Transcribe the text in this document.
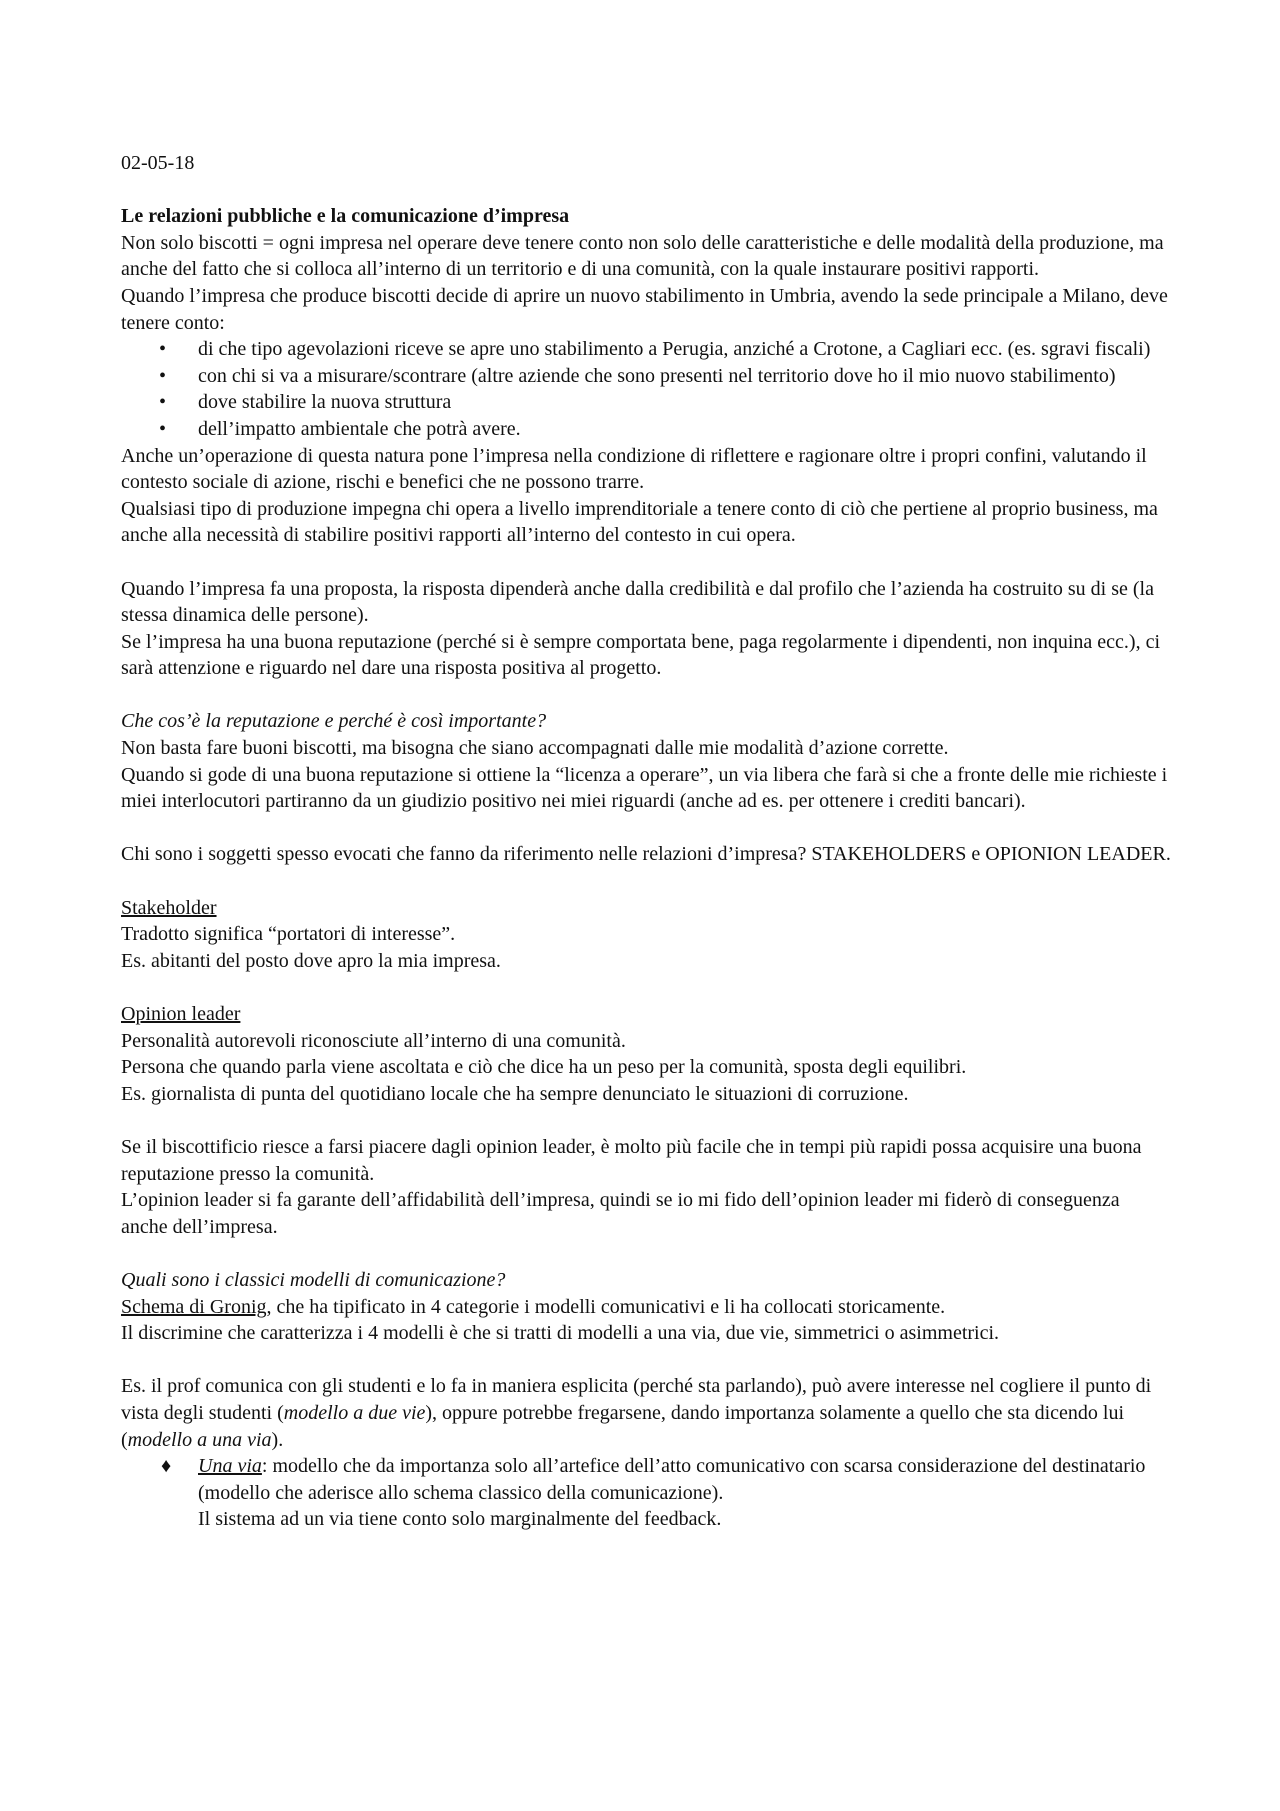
02-05-18

Le relazioni pubbliche e la comunicazione d’impresa

Non solo biscotti = ogni impresa nel operare deve tenere conto non solo delle caratteristiche e delle modalità della produzione, ma anche del fatto che si colloca all’interno di un territorio e di una comunità, con la quale instaurare positivi rapporti.

Quando l’impresa che produce biscotti decide di aprire un nuovo stabilimento in Umbria, avendo la sede principale a Milano, deve tenere conto:

• di che tipo agevolazioni riceve se apre uno stabilimento a Perugia, anziché a Crotone, a Cagliari ecc. (es. sgravi fiscali)
• con chi si va a misurare/scontrare (altre aziende che sono presenti nel territorio dove ho il mio nuovo stabilimento)
• dove stabilire la nuova struttura
• dell’impatto ambientale che potrà avere.

Anche un’operazione di questa natura pone l’impresa nella condizione di riflettere e ragionare oltre i propri confini, valutando il contesto sociale di azione, rischi e benefici che ne possono trarre.

Qualsiasi tipo di produzione impegna chi opera a livello imprenditoriale a tenere conto di ciò che pertiene al proprio business, ma anche alla necessità di stabilire positivi rapporti all’interno del contesto in cui opera.

Quando l’impresa fa una proposta, la risposta dipenderà anche dalla credibilità e dal profilo che l’azienda ha costruito su di se (la stessa dinamica delle persone).

Se l’impresa ha una buona reputazione (perché si è sempre comportata bene, paga regolarmente i dipendenti, non inquina ecc.), ci sarà attenzione e riguardo nel dare una risposta positiva al progetto.

Che cos’è la reputazione e perché è così importante?

Non basta fare buoni biscotti, ma bisogna che siano accompagnati dalle mie modalità d’azione corrette.

Quando si gode di una buona reputazione si ottiene la “licenza a operare”, un via libera che farà si che a fronte delle mie richieste i miei interlocutori partiranno da un giudizio positivo nei miei riguardi (anche ad es. per ottenere i crediti bancari).

Chi sono i soggetti spesso evocati che fanno da riferimento nelle relazioni d’impresa? STAKEHOLDERS e OPIONION LEADER.

Stakeholder

Tradotto significa “portatori di interesse”.

Es. abitanti del posto dove apro la mia impresa.

Opinion leader

Personalità autorevoli riconosciute all’interno di una comunità.

Persona che quando parla viene ascoltata e ciò che dice ha un peso per la comunità, sposta degli equilibri.

Es. giornalista di punta del quotidiano locale che ha sempre denunciato le situazioni di corruzione.

Se il biscottificio riesce a farsi piacere dagli opinion leader, è molto più facile che in tempi più rapidi possa acquisire una buona reputazione presso la comunità.

L’opinion leader si fa garante dell’affidabilità dell’impresa, quindi se io mi fido dell’opinion leader mi fiderò di conseguenza anche dell’impresa.

Quali sono i classici modelli di comunicazione?

Schema di Gronig, che ha tipificato in 4 categorie i modelli comunicativi e li ha collocati storicamente.

Il discrimine che caratterizza i 4 modelli è che si tratti di modelli a una via, due vie, simmetrici o asimmetrici.

Es. il prof comunica con gli studenti e lo fa in maniera esplicita (perché sta parlando), può avere interesse nel cogliere il punto di vista degli studenti (modello a due vie), oppure potrebbe fregarsene, dando importanza solamente a quello che sta dicendo lui (modello a una via).

♦ Una via: modello che da importanza solo all’artefice dell’atto comunicativo con scarsa considerazione del destinatario (modello che aderisce allo schema classico della comunicazione).
Il sistema ad un via tiene conto solo marginalmente del feedback.
